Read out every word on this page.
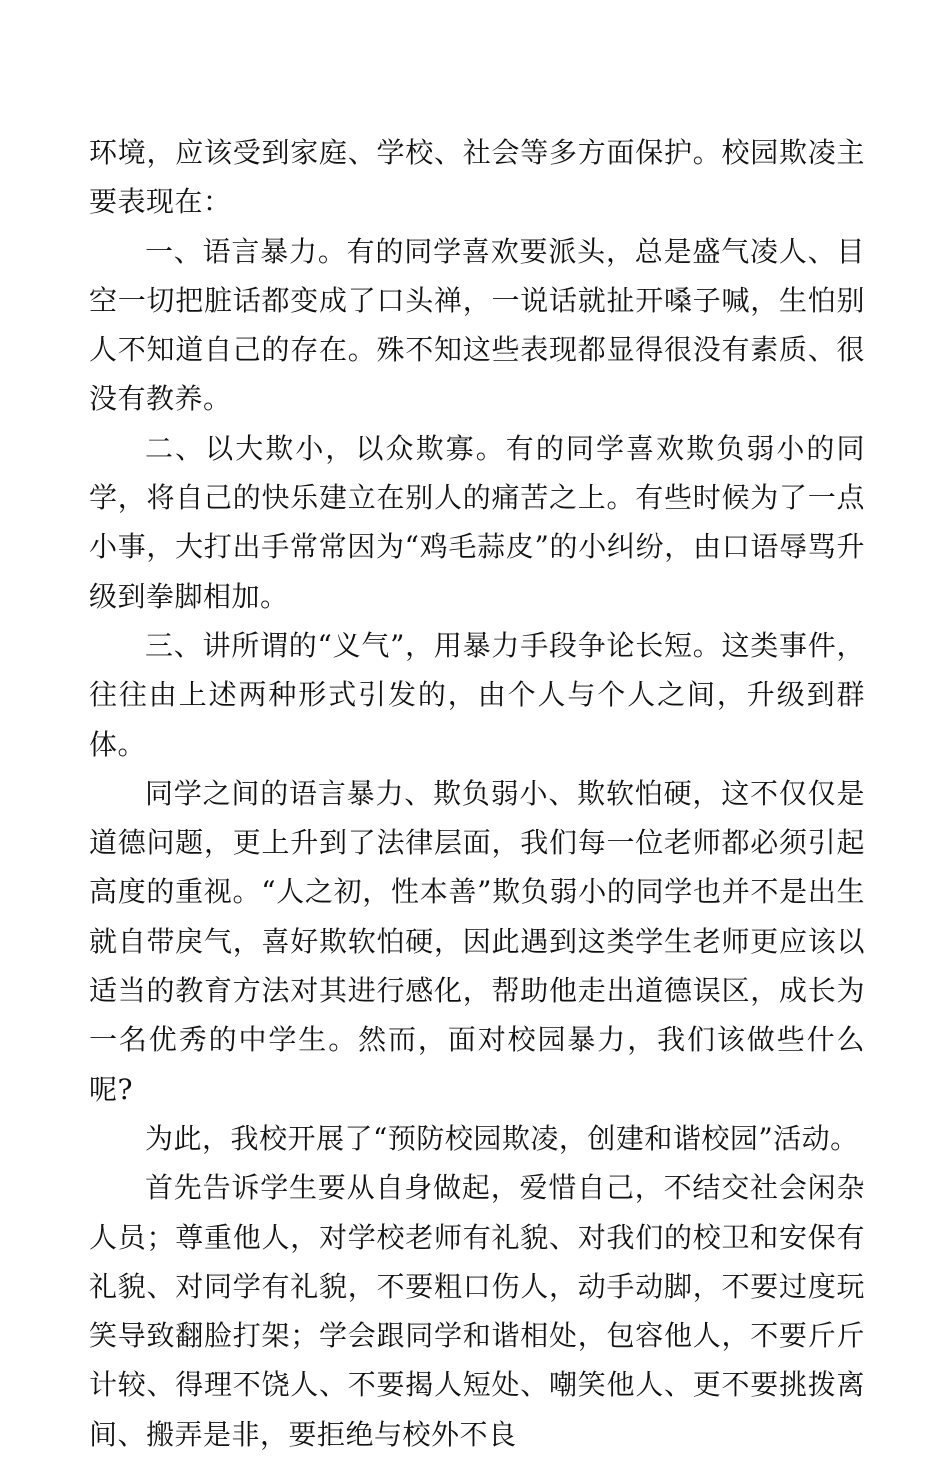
环境，应该受到家庭、学校、社会等多方面保护。校园欺凌主要表现在：

一、语言暴力。有的同学喜欢要派头，总是盛气凌人、目空一切把脏话都变成了口头禅，一说话就扯开嗓子喊，生怕别人不知道自己的存在。殊不知这些表现都显得很没有素质、很没有教养。

二、以大欺小，以众欺寡。有的同学喜欢欺负弱小的同学，将自己的快乐建立在别人的痛苦之上。有些时候为了一点小事，大打出手常常因为“鸡毛蒜皮”的小纠纷，由口语辱骂升级到拳脚相加。

三、讲所谓的“义气”，用暴力手段争论长短。这类事件，往往由上述两种形式引发的，由个人与个人之间，升级到群体。

同学之间的语言暴力、欺负弱小、欺软怕硬，这不仅仅是道德问题，更上升到了法律层面，我们每一位老师都必须引起高度的重视。“人之初，性本善”欺负弱小的同学也并不是出生就自带戾气，喜好欺软怕硬，因此遇到这类学生老师更应该以适当的教育方法对其进行感化，帮助他走出道德误区，成长为一名优秀的中学生。然而，面对校园暴力，我们该做些什么呢?

为此，我校开展了“预防校园欺凌，创建和谐校园”活动。

首先告诉学生要从自身做起，爱惜自己，不结交社会闲杂人员；尊重他人，对学校老师有礼貌、对我们的校卫和安保有礼貌、对同学有礼貌，不要粗口伤人，动手动脚，不要过度玩笑导致翻脸打架；学会跟同学和谐相处，包容他人，不要斤斤计较、得理不饶人、不要揭人短处、嘲笑他人、更不要挑拨离间、搬弄是非，要拒绝与校外不良
